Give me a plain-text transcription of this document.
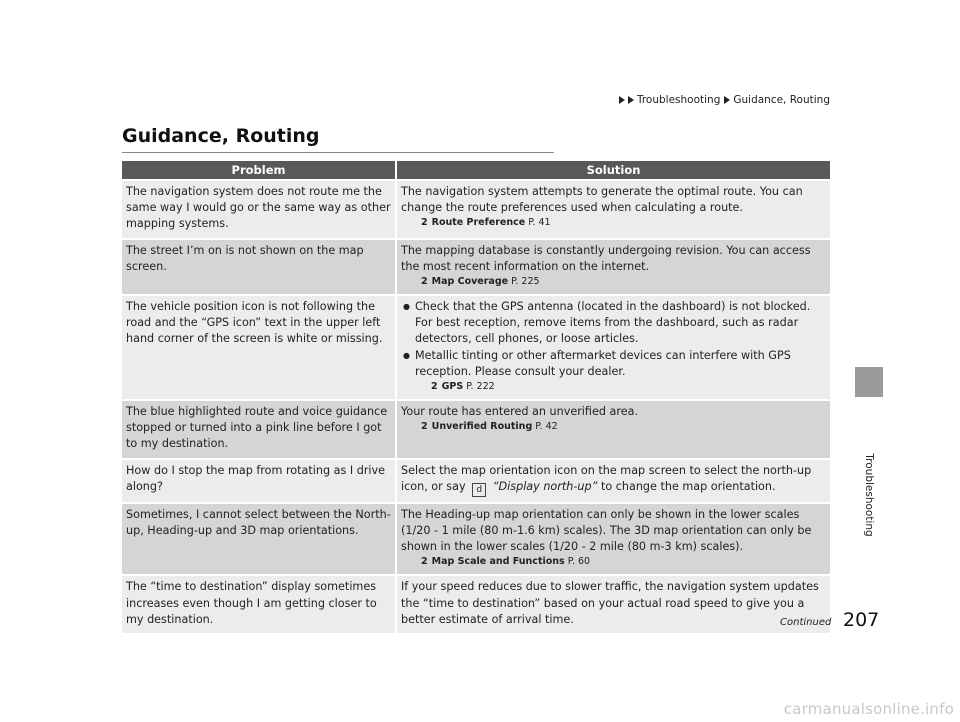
Troubleshooting Guidance, Routing
Guidance, Routing
Troubleshooting
Problem	Solution
The navigation system does not route me the same way I would go or the same way as other mapping systems.	The navigation system attempts to generate the optimal route. You can change the route preferences used when calculating a route.
2 Route Preference P. 41

The street I’m on is not shown on the map screen.	The mapping database is constantly undergoing revision. You can access the most recent information on the internet.
2 Map Coverage P. 225

The vehicle position icon is not following the road and the “GPS icon” text in the upper left hand corner of the screen is white or missing.	● Check that the GPS antenna (located in the dashboard) is not blocked. For best reception, remove items from the dashboard, such as radar detectors, cell phones, or loose articles.
● Metallic tinting or other aftermarket devices can interfere with GPS reception. Please consult your dealer.
2 GPS P. 222

The blue highlighted route and voice guidance stopped or turned into a pink line before I got to my destination.	Your route has entered an unverified area.
2 Unverified Routing P. 42

How do I stop the map from rotating as I drive along?	Select the map orientation icon on the map screen to select the north-up icon, or say d “Display north-up” to change the map orientation.
Sometimes, I cannot select between the North-up, Heading-up and 3D map orientations.	The Heading-up map orientation can only be shown in the lower scales (1/20 - 1 mile (80 m-1.6 km) scales). The 3D map orientation can only be shown in the lower scales (1/20 - 2 mile (80 m-3 km) scales).
2 Map Scale and Functions P. 60

The “time to destination” display sometimes increases even though I am getting closer to my destination.	If your speed reduces due to slower traffic, the navigation system updates the “time to destination” based on your actual road speed to give you a better estimate of arrival time.	Continued 207
carmanualsonline.info
